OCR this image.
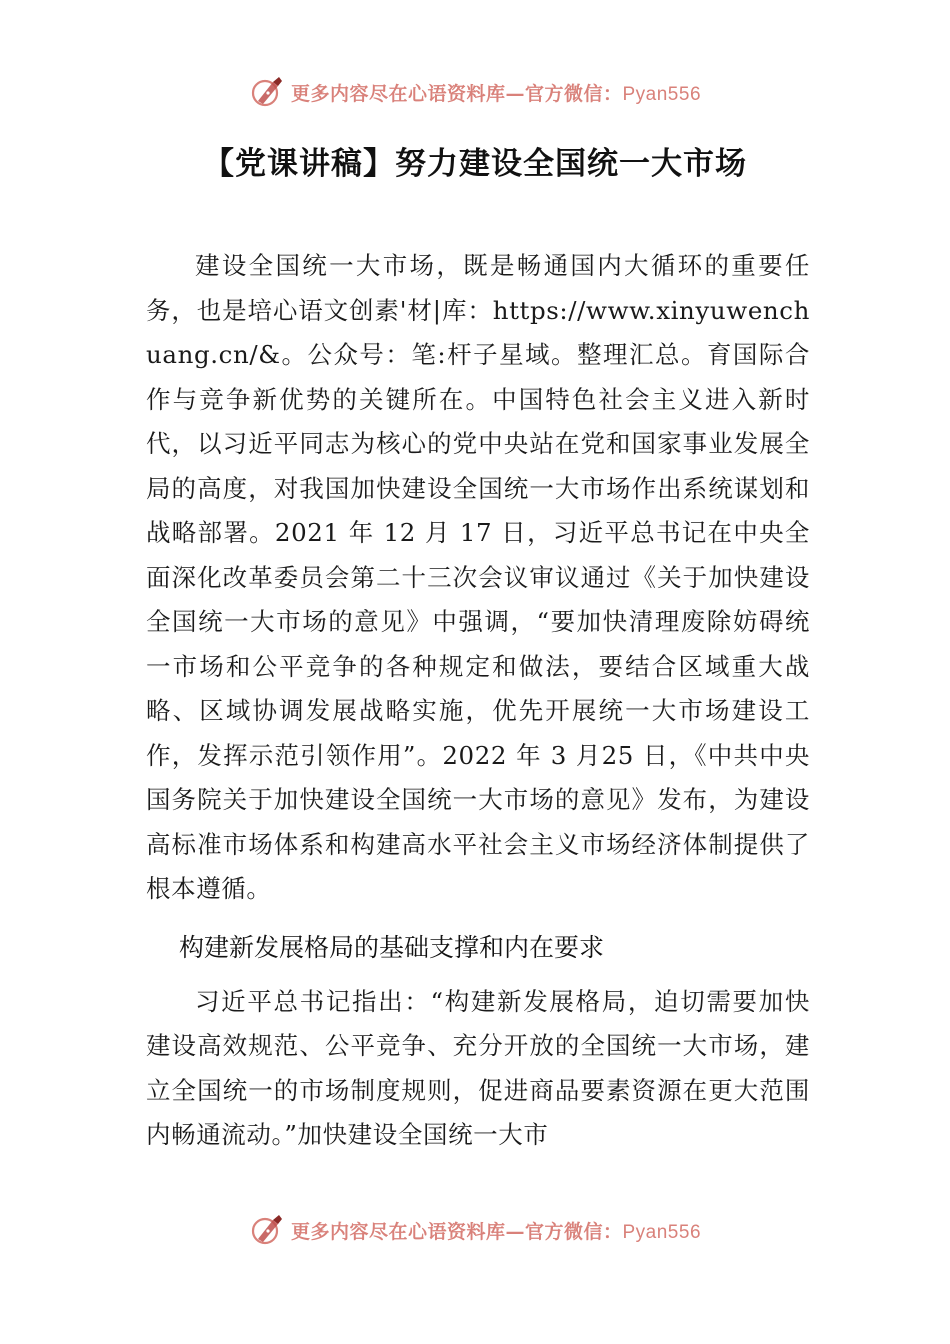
更多内容尽在心语资料库—官方微信：Pyan556
【党课讲稿】努力建设全国统一大市场

建设全国统一大市场，既是畅通国内大循环的重要任务，也是培心语文创素'材|库：https://www.xinyuwenchuang.cn/&。公众号：笔:杆子星域。整理汇总。育国际合作与竞争新优势的关键所在。中国特色社会主义进入新时代，以习近平同志为核心的党中央站在党和国家事业发展全局的高度，对我国加快建设全国统一大市场作出系统谋划和战略部署。2021 年 12 月 17 日，习近平总书记在中央全面深化改革委员会第二十三次会议审议通过《关于加快建设全国统一大市场的意见》中强调，“要加快清理废除妨碍统一市场和公平竞争的各种规定和做法，要结合区域重大战略、区域协调发展战略实施，优先开展统一大市场建设工作，发挥示范引领作用”。2022 年 3 月25 日，《中共中央 国务院关于加快建设全国统一大市场的意见》发布，为建设高标准市场体系和构建高水平社会主义市场经济体制提供了根本遵循。

构建新发展格局的基础支撑和内在要求

习近平总书记指出：“构建新发展格局，迫切需要加快建设高效规范、公平竞争、充分开放的全国统一大市场，建立全国统一的市场制度规则，促进商品要素资源在更大范围内畅通流动。”加快建设全国统一大市

更多内容尽在心语资料库—官方微信：Pyan556
